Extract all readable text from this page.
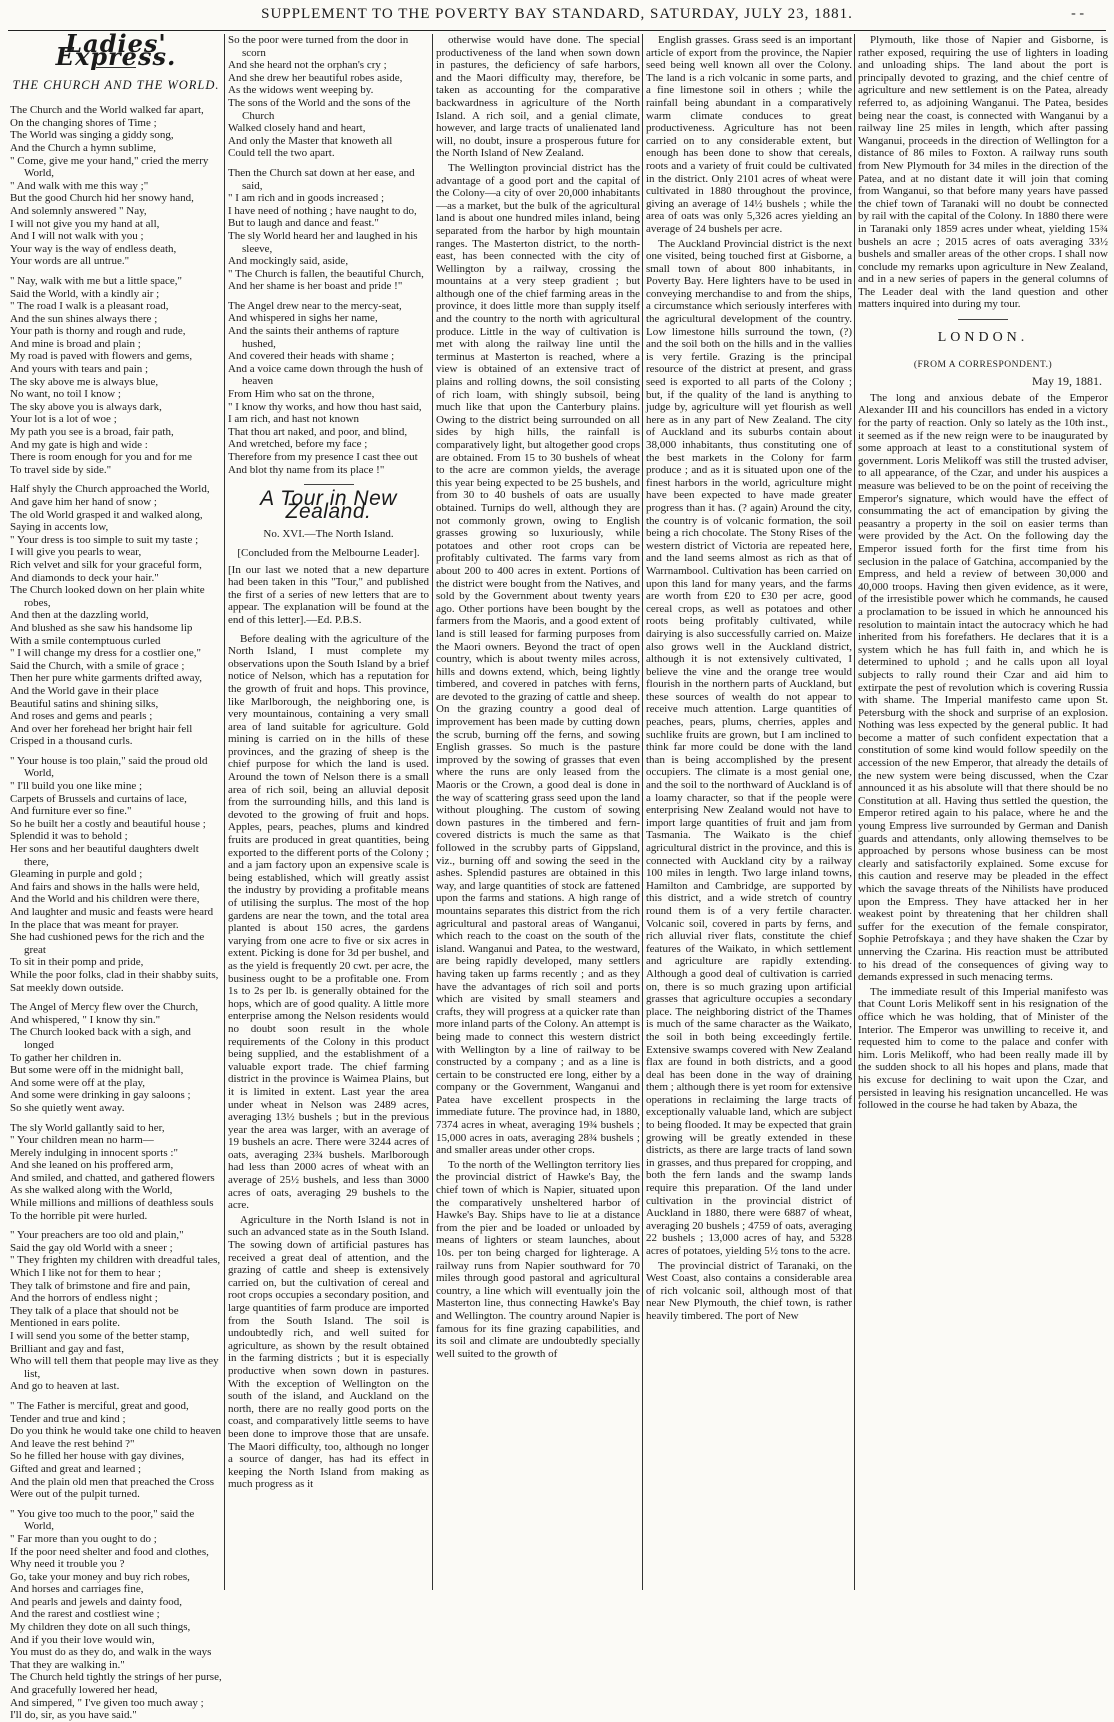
SUPPLEMENT TO THE POVERTY BAY STANDARD, SATURDAY, JULY 23, 1881.	- -
Ladies' Express.
THE CHURCH AND THE WORLD.

The Church and the World walked far apart,

On the changing shores of Time ;

The World was singing a giddy song,

And the Church a hymn sublime,

" Come, give me your hand," cried the merry World,

" And walk with me this way ;"

But the good Church hid her snowy hand,

And solemnly answered " Nay,

I will not give you my hand at all,

And I will not walk with you ;

Your way is the way of endless death,

Your words are all untrue."

" Nay, walk with me but a little space,"

Said the World, with a kindly air ;

" The road I walk is a pleasant road,

And the sun shines always there ;

Your path is thorny and rough and rude,

And mine is broad and plain ;

My road is paved with flowers and gems,

And yours with tears and pain ;

The sky above me is always blue,

No want, no toil I know ;

The sky above you is always dark,

Your lot is a lot of woe ;

My path you see is a broad, fair path,

And my gate is high and wide :

There is room enough for you and for me

To travel side by side."

Half shyly the Church approached the World,

And gave him her hand of snow ;

The old World grasped it and walked along,

Saying in accents low,

" Your dress is too simple to suit my taste ;

I will give you pearls to wear,

Rich velvet and silk for your graceful form,

And diamonds to deck your hair."

The Church looked down on her plain white robes,

And then at the dazzling world,

And blushed as she saw his handsome lip

With a smile contemptuous curled

" I will change my dress for a costlier one,"

Said the Church, with a smile of grace ;

Then her pure white garments drifted away,

And the World gave in their place

Beautiful satins and shining silks,

And roses and gems and pearls ;

And over her forehead her bright hair fell

Crisped in a thousand curls.

" Your house is too plain," said the proud old World,

" I'll build you one like mine ;

Carpets of Brussels and curtains of lace,

And furniture ever so fine."

So he built her a costly and beautiful house ;

Splendid it was to behold ;

Her sons and her beautiful daughters dwelt there,

Gleaming in purple and gold ;

And fairs and shows in the halls were held,

And the World and his children were there,

And laughter and music and feasts were heard

In the place that was meant for prayer.

She had cushioned pews for the rich and the great

To sit in their pomp and pride,

While the poor folks, clad in their shabby suits,

Sat meekly down outside.

The Angel of Mercy flew over the Church,

And whispered, " I know thy sin."

The Church looked back with a sigh, and longed

To gather her children in.

But some were off in the midnight ball,

And some were off at the play,

And some were drinking in gay saloons ;

So she quietly went away.

The sly World gallantly said to her,

" Your children mean no harm—

Merely indulging in innocent sports :"

And she leaned on his proffered arm,

And smiled, and chatted, and gathered flowers

As she walked along with the World,

While millions and millions of deathless souls

To the horrible pit were hurled.

" Your preachers are too old and plain,"

Said the gay old World with a sneer ;

" They frighten my children with dreadful tales,

Which I like not for them to hear ;

They talk of brimstone and fire and pain,

And the horrors of endless night ;

They talk of a place that should not be

Mentioned in ears polite.

I will send you some of the better stamp,

Brilliant and gay and fast,

Who will tell them that people may live as they list,

And go to heaven at last.

" The Father is merciful, great and good,

Tender and true and kind ;

Do you think he would take one child to heaven

And leave the rest behind ?"

So he filled her house with gay divines,

Gifted and great and learned ;

And the plain old men that preached the Cross

Were out of the pulpit turned.

" You give too much to the poor," said the World,

" Far more than you ought to do ;

If the poor need shelter and food and clothes,

Why need it trouble you ?

Go, take your money and buy rich robes,

And horses and carriages fine,

And pearls and jewels and dainty food,

And the rarest and costliest wine ;

My children they dote on all such things,

And if you their love would win,

You must do as they do, and walk in the ways

That they are walking in."

The Church held tightly the strings of her purse,

And gracefully lowered her head,

And simpered, " I've given too much away ;

I'll do, sir, as you have said."

So the poor were turned from the door in scorn

And she heard not the orphan's cry ;

And she drew her beautiful robes aside,

As the widows went weeping by.

The sons of the World and the sons of the Church

Walked closely hand and heart,

And only the Master that knoweth all

Could tell the two apart.

Then the Church sat down at her ease, and said,

" I am rich and in goods increased ;

I have need of nothing ; have naught to do,

But to laugh and dance and feast."

The sly World heard her and laughed in his sleeve,

And mockingly said, aside,

" The Church is fallen, the beautiful Church,

And her shame is her boast and pride !"

The Angel drew near to the mercy-seat,

And whispered in sighs her name,

And the saints their anthems of rapture hushed,

And covered their heads with shame ;

And a voice came down through the hush of heaven

From Him who sat on the throne,

" I know thy works, and how thou hast said,

I am rich, and hast not known

That thou art naked, and poor, and blind,

And wretched, before my face ;

Therefore from my presence I cast thee out

And blot thy name from its place !"

A Tour in New Zealand.
No. XVI.—The North Island.
[Concluded from the Melbourne Leader].
[In our last we noted that a new departure had been taken in this "Tour," and published the first of a series of new letters that are to appear. The explanation will be found at the end of this letter].—Ed. P.B.S.

Before dealing with the agriculture of the North Island, I must complete my observations upon the South Island by a brief notice of Nelson, which has a reputation for the growth of fruit and hops. This province, like Marlborough, the neighboring one, is very mountainous, containing a very small area of land suitable for agriculture. Gold mining is carried on in the hills of these provinces, and the grazing of sheep is the chief purpose for which the land is used. Around the town of Nelson there is a small area of rich soil, being an alluvial deposit from the surrounding hills, and this land is devoted to the growing of fruit and hops. Apples, pears, peaches, plums and kindred fruits are produced in great quantities, being exported to the different ports of the Colony ; and a jam factory upon an expensive scale is being established, which will greatly assist the industry by providing a profitable means of utilising the surplus. The most of the hop gardens are near the town, and the total area planted is about 150 acres, the gardens varying from one acre to five or six acres in extent. Picking is done for 3d per bushel, and as the yield is frequently 20 cwt. per acre, the business ought to be a profitable one. From 1s to 2s per lb. is generally obtained for the hops, which are of good quality. A little more enterprise among the Nelson residents would no doubt soon result in the whole requirements of the Colony in this product being supplied, and the establishment of a valuable export trade. The chief farming district in the province is Waimea Plains, but it is limited in extent. Last year the area under wheat in Nelson was 2489 acres, averaging 13½ bushels ; but in the previous year the area was larger, with an average of 19 bushels an acre. There were 3244 acres of oats, averaging 23¾ bushels. Marlborough had less than 2000 acres of wheat with an average of 25½ bushels, and less than 3000 acres of oats, averaging 29 bushels to the acre.

Agriculture in the North Island is not in such an advanced state as in the South Island. The sowing down of artificial pastures has received a great deal of attention, and the grazing of cattle and sheep is extensively carried on, but the cultivation of cereal and root crops occupies a secondary position, and large quantities of farm produce are imported from the South Island. The soil is undoubtedly rich, and well suited for agriculture, as shown by the result obtained in the farming districts ; but it is especially productive when sown down in pastures. With the exception of Wellington on the south of the island, and Auckland on the north, there are no really good ports on the coast, and comparatively little seems to have been done to improve those that are unsafe. The Maori difficulty, too, although no longer a source of danger, has had its effect in keeping the North Island from making as much progress as it

otherwise would have done. The special productiveness of the land when sown down in pastures, the deficiency of safe harbors, and the Maori difficulty may, therefore, be taken as accounting for the comparative backwardness in agriculture of the North Island. A rich soil, and a genial climate, however, and large tracts of unalienated land will, no doubt, insure a prosperous future for the North Island of New Zealand.

The Wellington provincial district has the advantage of a good port and the capital of the Colony—a city of over 20,000 inhabitants—as a market, but the bulk of the agricultural land is about one hundred miles inland, being separated from the harbor by high mountain ranges. The Masterton district, to the north-east, has been connected with the city of Wellington by a railway, crossing the mountains at a very steep gradient ; but although one of the chief farming areas in the province, it does little more than supply itself and the country to the north with agricultural produce. Little in the way of cultivation is met with along the railway line until the terminus at Masterton is reached, where a view is obtained of an extensive tract of plains and rolling downs, the soil consisting of rich loam, with shingly subsoil, being much like that upon the Canterbury plains. Owing to the district being surrounded on all sides by high hills, the rainfall is comparatively light, but altogether good crops are obtained. From 15 to 30 bushels of wheat to the acre are common yields, the average this year being expected to be 25 bushels, and from 30 to 40 bushels of oats are usually obtained. Turnips do well, although they are not commonly grown, owing to English grasses growing so luxuriously, while potatoes and other root crops can be profitably cultivated. The farms vary from about 200 to 400 acres in extent. Portions of the district were bought from the Natives, and sold by the Government about twenty years ago. Other portions have been bought by the farmers from the Maoris, and a good extent of land is still leased for farming purposes from the Maori owners. Beyond the tract of open country, which is about twenty miles across, hills and downs extend, which, being lightly timbered, and covered in patches with ferns, are devoted to the grazing of cattle and sheep. On the grazing country a good deal of improvement has been made by cutting down the scrub, burning off the ferns, and sowing English grasses. So much is the pasture improved by the sowing of grasses that even where the runs are only leased from the Maoris or the Crown, a good deal is done in the way of scattering grass seed upon the land without ploughing. The custom of sowing down pastures in the timbered and fern-covered districts is much the same as that followed in the scrubby parts of Gippsland, viz., burning off and sowing the seed in the ashes. Splendid pastures are obtained in this way, and large quantities of stock are fattened upon the farms and stations. A high range of mountains separates this district from the rich agricultural and pastoral areas of Wanganui, which reach to the coast on the south of the island. Wanganui and Patea, to the westward, are being rapidly developed, many settlers having taken up farms recently ; and as they have the advantages of rich soil and ports which are visited by small steamers and crafts, they will progress at a quicker rate than more inland parts of the Colony. An attempt is being made to connect this western district with Wellington by a line of railway to be constructed by a company ; and as a line is certain to be constructed ere long, either by a company or the Government, Wanganui and Patea have excellent prospects in the immediate future. The province had, in 1880, 7374 acres in wheat, averaging 19¾ bushels ; 15,000 acres in oats, averaging 28¾ bushels ; and smaller areas under other crops.

To the north of the Wellington territory lies the provincial district of Hawke's Bay, the chief town of which is Napier, situated upon the comparatively unsheltered harbor of Hawke's Bay. Ships have to lie at a distance from the pier and be loaded or unloaded by means of lighters or steam launches, about 10s. per ton being charged for lighterage. A railway runs from Napier southward for 70 miles through good pastoral and agricultural country, a line which will eventually join the Masterton line, thus connecting Hawke's Bay and Wellington. The country around Napier is famous for its fine grazing capabilities, and its soil and climate are undoubtedly specially well suited to the growth of

English grasses. Grass seed is an important article of export from the province, the Napier seed being well known all over the Colony. The land is a rich volcanic in some parts, and a fine limestone soil in others ; while the rainfall being abundant in a comparatively warm climate conduces to great productiveness. Agriculture has not been carried on to any considerable extent, but enough has been done to show that cereals, roots and a variety of fruit could be cultivated in the district. Only 2101 acres of wheat were cultivated in 1880 throughout the province, giving an average of 14½ bushels ; while the area of oats was only 5,326 acres yielding an average of 24 bushels per acre.

The Auckland Provincial district is the next one visited, being touched first at Gisborne, a small town of about 800 inhabitants, in Poverty Bay. Here lighters have to be used in conveying merchandise to and from the ships, a circumstance which seriously interferes with the agricultural development of the country. Low limestone hills surround the town, (?) and the soil both on the hills and in the vallies is very fertile. Grazing is the principal resource of the district at present, and grass seed is exported to all parts of the Colony ; but, if the quality of the land is anything to judge by, agriculture will yet flourish as well here as in any part of New Zealand. The city of Auckland and its suburbs contain about 38,000 inhabitants, thus constituting one of the best markets in the Colony for farm produce ; and as it is situated upon one of the finest harbors in the world, agriculture might have been expected to have made greater progress than it has. (? again) Around the city, the country is of volcanic formation, the soil being a rich chocolate. The Stony Rises of the western district of Victoria are repeated here, and the land seems almost as rich as that of Warrnambool. Cultivation has been carried on upon this land for many years, and the farms are worth from £20 to £30 per acre, good cereal crops, as well as potatoes and other roots being profitably cultivated, while dairying is also successfully carried on. Maize also grows well in the Auckland district, although it is not extensively cultivated, I believe the vine and the orange tree would flourish in the northern parts of Auckland, but these sources of wealth do not appear to receive much attention. Large quantities of peaches, pears, plums, cherries, apples and suchlike fruits are grown, but I am inclined to think far more could be done with the land than is being accomplished by the present occupiers. The climate is a most genial one, and the soil to the northward of Auckland is of a loamy character, so that if the people were enterprising New Zealand would not have to import large quantities of fruit and jam from Tasmania. The Waikato is the chief agricultural district in the province, and this is connected with Auckland city by a railway 100 miles in length. Two large inland towns, Hamilton and Cambridge, are supported by this district, and a wide stretch of country round them is of a very fertile character. Volcanic soil, covered in parts by ferns, and rich alluvial river flats, constitute the chief features of the Waikato, in which settlement and agriculture are rapidly extending. Although a good deal of cultivation is carried on, there is so much grazing upon artificial grasses that agriculture occupies a secondary place. The neighboring district of the Thames is much of the same character as the Waikato, the soil in both being exceedingly fertile. Extensive swamps covered with New Zealand flax are found in both districts, and a good deal has been done in the way of draining them ; although there is yet room for extensive operations in reclaiming the large tracts of exceptionally valuable land, which are subject to being flooded. It may be expected that grain growing will be greatly extended in these districts, as there are large tracts of land sown in grasses, and thus prepared for cropping, and both the fern lands and the swamp lands require this preparation. Of the land under cultivation in the provincial district of Auckland in 1880, there were 6887 of wheat, averaging 20 bushels ; 4759 of oats, averaging 22 bushels ; 13,000 acres of hay, and 5328 acres of potatoes, yielding 5½ tons to the acre.

The provincial district of Taranaki, on the West Coast, also contains a considerable area of rich volcanic soil, although most of that near New Plymouth, the chief town, is rather heavily timbered. The port of New

Plymouth, like those of Napier and Gisborne, is rather exposed, requiring the use of lighters in loading and unloading ships. The land about the port is principally devoted to grazing, and the chief centre of agriculture and new settlement is on the Patea, already referred to, as adjoining Wanganui. The Patea, besides being near the coast, is connected with Wanganui by a railway line 25 miles in length, which after passing Wanganui, proceeds in the direction of Wellington for a distance of 86 miles to Foxton. A railway runs south from New Plymouth for 34 miles in the direction of the Patea, and at no distant date it will join that coming from Wanganui, so that before many years have passed the chief town of Taranaki will no doubt be connected by rail with the capital of the Colony. In 1880 there were in Taranaki only 1859 acres under wheat, yielding 15¾ bushels an acre ; 2015 acres of oats averaging 33½ bushels and smaller areas of the other crops. I shall now conclude my remarks upon agriculture in New Zealand, and in a new series of papers in the general columns of The Leader deal with the land question and other matters inquired into during my tour.

LONDON.
(FROM A CORRESPONDENT.)
May 19, 1881.

The long and anxious debate of the Emperor Alexander III and his councillors has ended in a victory for the party of reaction. Only so lately as the 10th inst., it seemed as if the new reign were to be inaugurated by some approach at least to a constitutional system of government. Loris Melikoff was still the trusted adviser, to all appearance, of the Czar, and under his auspices a measure was believed to be on the point of receiving the Emperor's signature, which would have the effect of consummating the act of emancipation by giving the peasantry a property in the soil on easier terms than were provided by the Act. On the following day the Emperor issued forth for the first time from his seclusion in the palace of Gatchina, accompanied by the Empress, and held a review of between 30,000 and 40,000 troops. Having then given evidence, as it were, of the irresistible power which he commands, he caused a proclamation to be issued in which he announced his resolution to maintain intact the autocracy which he had inherited from his forefathers. He declares that it is a system which he has full faith in, and which he is determined to uphold ; and he calls upon all loyal subjects to rally round their Czar and aid him to extirpate the pest of revolution which is covering Russia with shame. The Imperial manifesto came upon St. Petersburg with the shock and surprise of an explosion. Nothing was less expected by the general public. It had become a matter of such confident expectation that a constitution of some kind would follow speedily on the accession of the new Emperor, that already the details of the new system were being discussed, when the Czar announced it as his absolute will that there should be no Constitution at all. Having thus settled the question, the Emperor retired again to his palace, where he and the young Empress live surrounded by German and Danish guards and attendants, only allowing themselves to be approached by persons whose business can be most clearly and satisfactorily explained. Some excuse for this caution and reserve may be pleaded in the effect which the savage threats of the Nihilists have produced upon the Empress. They have attacked her in her weakest point by threatening that her children shall suffer for the execution of the female conspirator, Sophie Petrofskaya ; and they have shaken the Czar by unnerving the Czarina. His reaction must be attributed to his dread of the consequences of giving way to demands expressed in such menacing terms.

The immediate result of this Imperial manifesto was that Count Loris Melikoff sent in his resignation of the office which he was holding, that of Minister of the Interior. The Emperor was unwilling to receive it, and requested him to come to the palace and confer with him. Loris Melikoff, who had been really made ill by the sudden shock to all his hopes and plans, made that his excuse for declining to wait upon the Czar, and persisted in leaving his resignation uncancelled. He was followed in the course he had taken by Abaza, the
